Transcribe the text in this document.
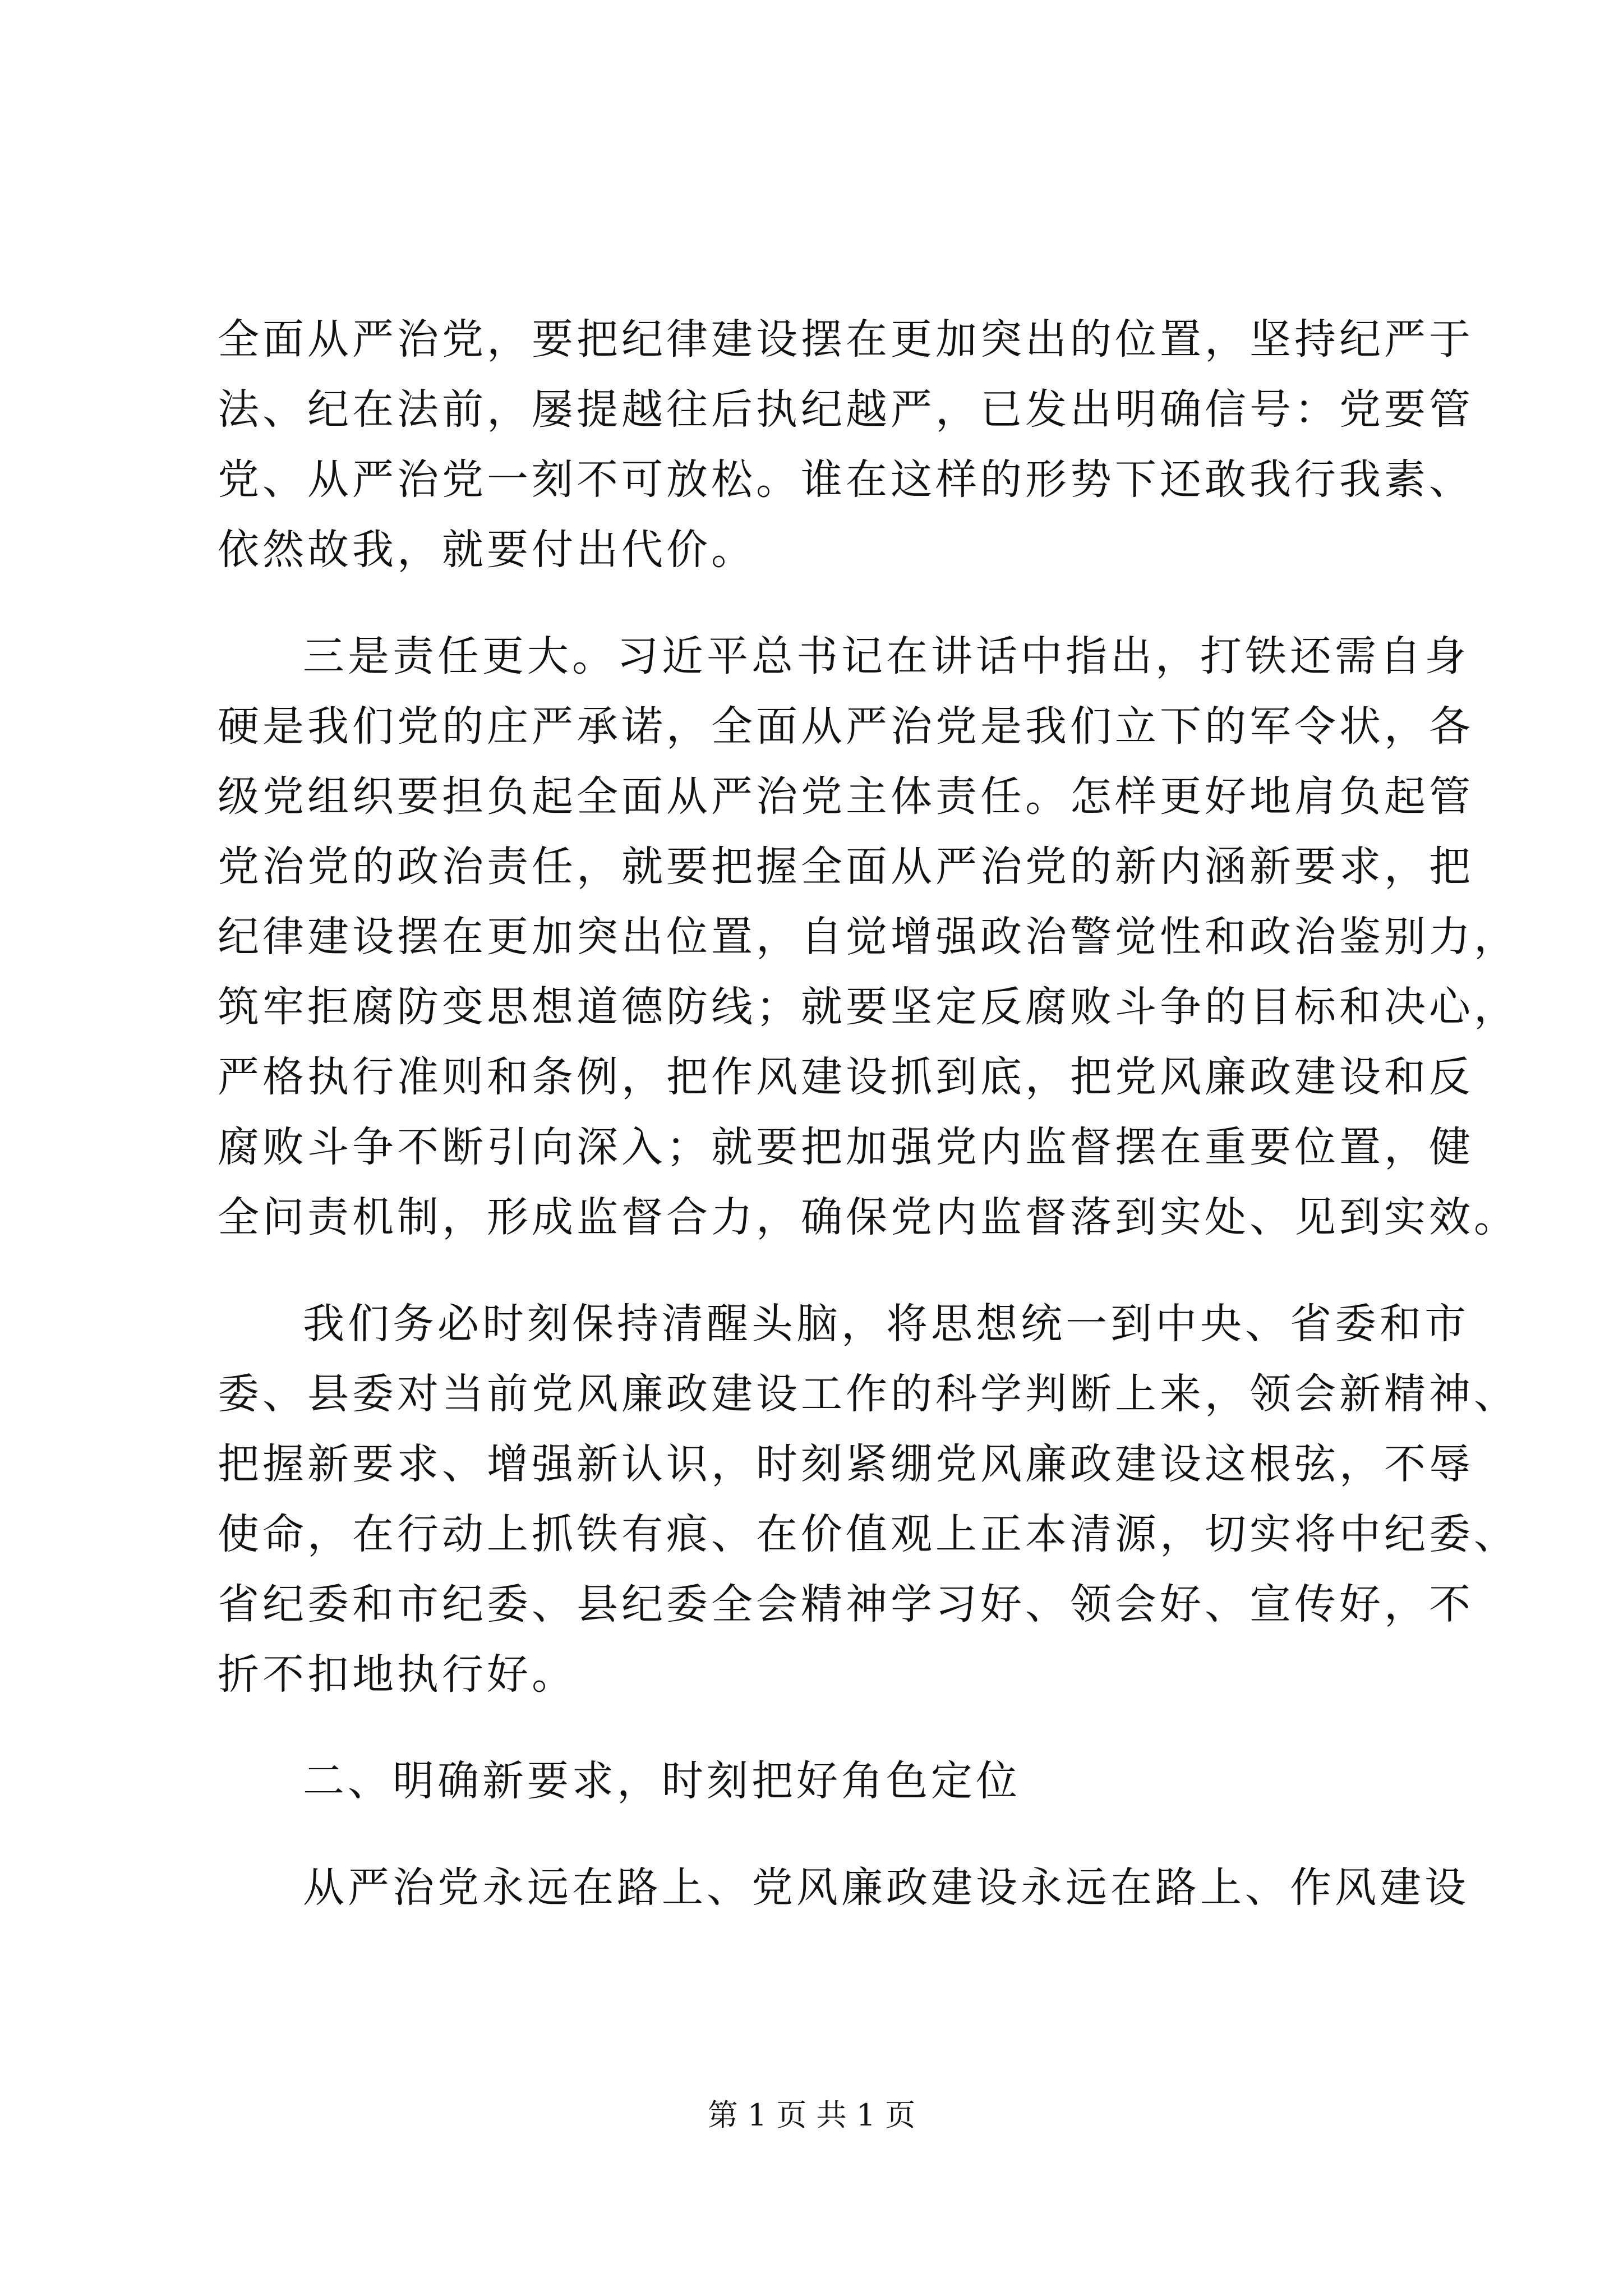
全面从严治党，要把纪律建设摆在更加突出的位置，坚持纪严于
法、纪在法前，屡提越往后执纪越严，已发出明确信号：党要管
党、从严治党一刻不可放松。谁在这样的形势下还敢我行我素、
依然故我，就要付出代价。
三是责任更大。习近平总书记在讲话中指出，打铁还需自身
硬是我们党的庄严承诺，全面从严治党是我们立下的军令状，各
级党组织要担负起全面从严治党主体责任。怎样更好地肩负起管
党治党的政治责任，就要把握全面从严治党的新内涵新要求，把
纪律建设摆在更加突出位置，自觉增强政治警觉性和政治鉴别力，
筑牢拒腐防变思想道德防线；就要坚定反腐败斗争的目标和决心，
严格执行准则和条例，把作风建设抓到底，把党风廉政建设和反
腐败斗争不断引向深入；就要把加强党内监督摆在重要位置，健
全问责机制，形成监督合力，确保党内监督落到实处、见到实效。
我们务必时刻保持清醒头脑，将思想统一到中央、省委和市
委、县委对当前党风廉政建设工作的科学判断上来，领会新精神、
把握新要求、增强新认识，时刻紧绷党风廉政建设这根弦，不辱
使命，在行动上抓铁有痕、在价值观上正本清源，切实将中纪委、
省纪委和市纪委、县纪委全会精神学习好、领会好、宣传好，不
折不扣地执行好。
二、明确新要求，时刻把好角色定位
从严治党永远在路上、党风廉政建设永远在路上、作风建设
第 1 页 共 1 页
